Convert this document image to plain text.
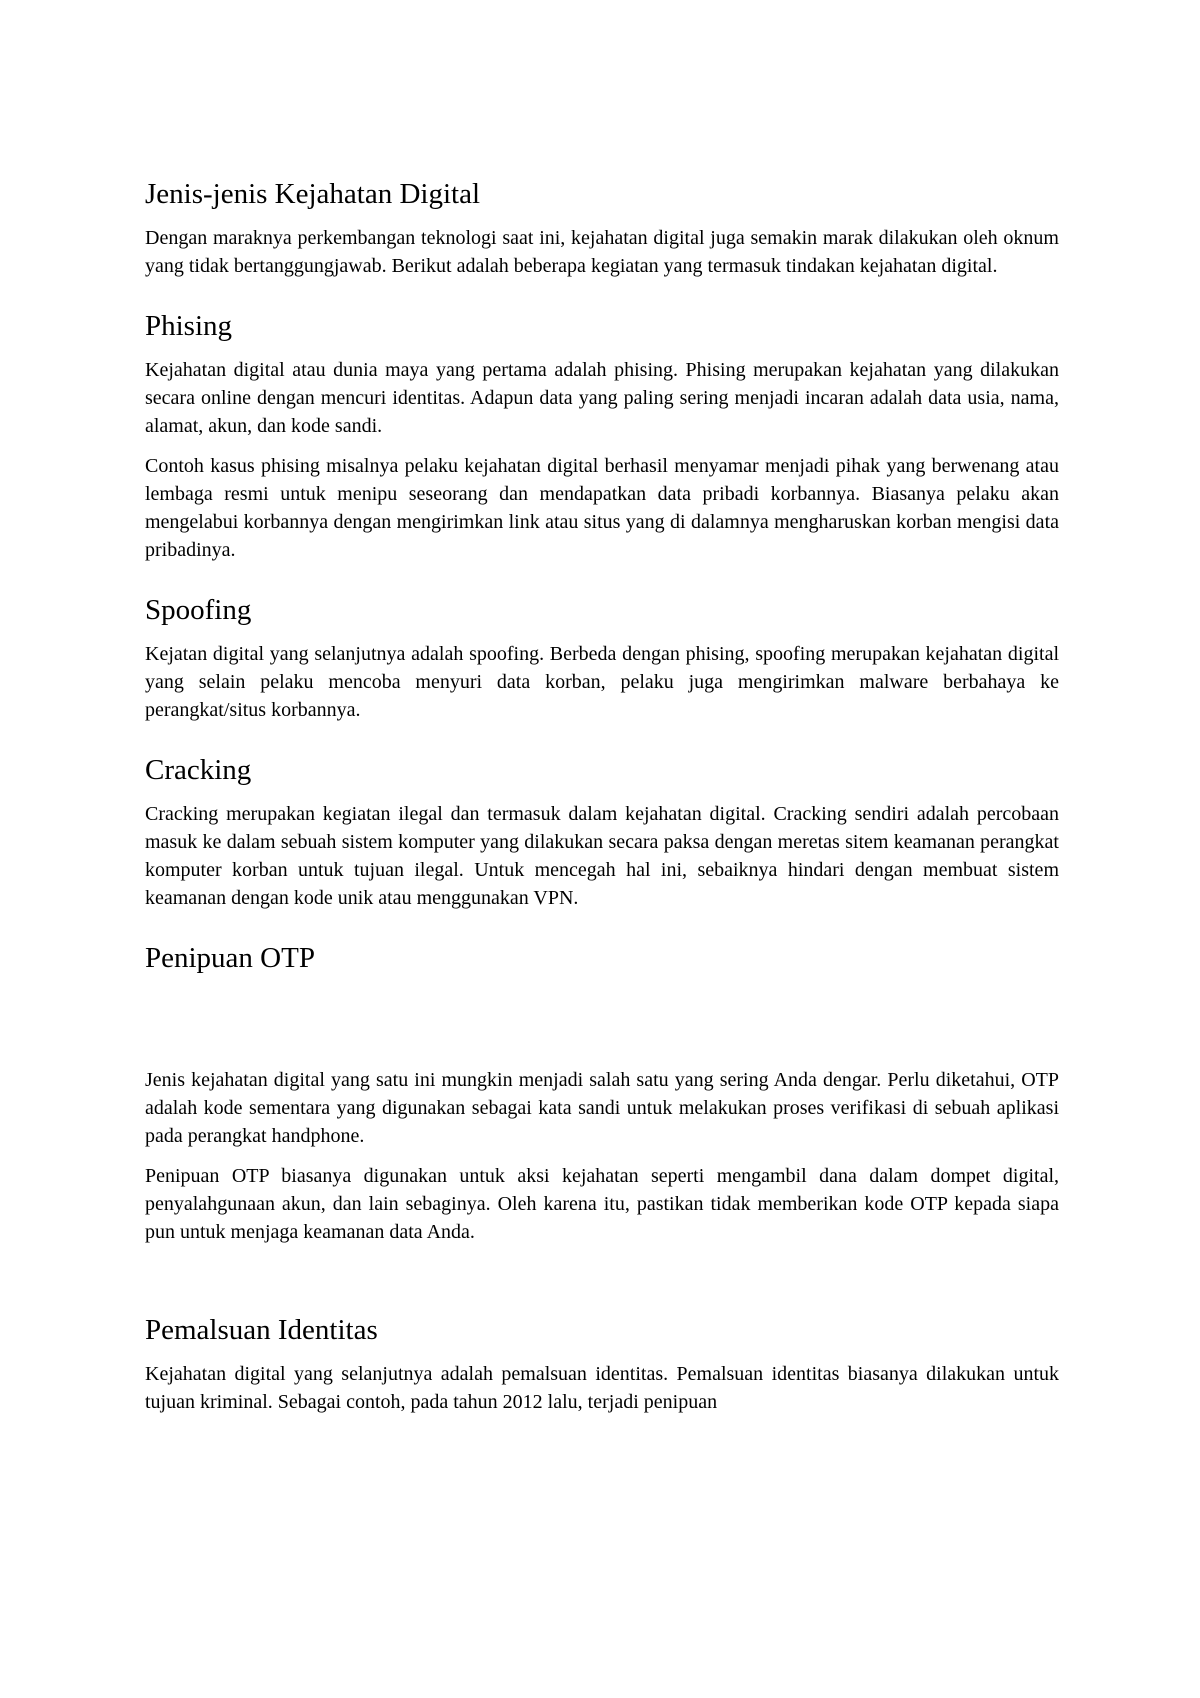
Jenis-jenis Kejahatan Digital

Dengan maraknya perkembangan teknologi saat ini, kejahatan digital juga semakin marak dilakukan oleh oknum yang tidak bertanggungjawab. Berikut adalah beberapa kegiatan yang termasuk tindakan kejahatan digital.

Phising

Kejahatan digital atau dunia maya yang pertama adalah phising. Phising merupakan kejahatan yang dilakukan secara online dengan mencuri identitas. Adapun data yang paling sering menjadi incaran adalah data usia, nama, alamat, akun, dan kode sandi.

Contoh kasus phising misalnya pelaku kejahatan digital berhasil menyamar menjadi pihak yang berwenang atau lembaga resmi untuk menipu seseorang dan mendapatkan data pribadi korbannya. Biasanya pelaku akan mengelabui korbannya dengan mengirimkan link atau situs yang di dalamnya mengharuskan korban mengisi data pribadinya.

Spoofing

Kejatan digital yang selanjutnya adalah spoofing. Berbeda dengan phising, spoofing merupakan kejahatan digital yang selain pelaku mencoba menyuri data korban, pelaku juga mengirimkan malware berbahaya ke perangkat/situs korbannya.

Cracking

Cracking merupakan kegiatan ilegal dan termasuk dalam kejahatan digital. Cracking sendiri adalah percobaan masuk ke dalam sebuah sistem komputer yang dilakukan secara paksa dengan meretas sitem keamanan perangkat komputer korban untuk tujuan ilegal. Untuk mencegah hal ini, sebaiknya hindari dengan membuat sistem keamanan dengan kode unik atau menggunakan VPN.

Penipuan OTP

Jenis kejahatan digital yang satu ini mungkin menjadi salah satu yang sering Anda dengar. Perlu diketahui, OTP adalah kode sementara yang digunakan sebagai kata sandi untuk melakukan proses verifikasi di sebuah aplikasi pada perangkat handphone.

Penipuan OTP biasanya digunakan untuk aksi kejahatan seperti mengambil dana dalam dompet digital, penyalahgunaan akun, dan lain sebaginya. Oleh karena itu, pastikan tidak memberikan kode OTP kepada siapa pun untuk menjaga keamanan data Anda.

Pemalsuan Identitas

Kejahatan digital yang selanjutnya adalah pemalsuan identitas. Pemalsuan identitas biasanya dilakukan untuk tujuan kriminal. Sebagai contoh, pada tahun 2012 lalu, terjadi penipuan
